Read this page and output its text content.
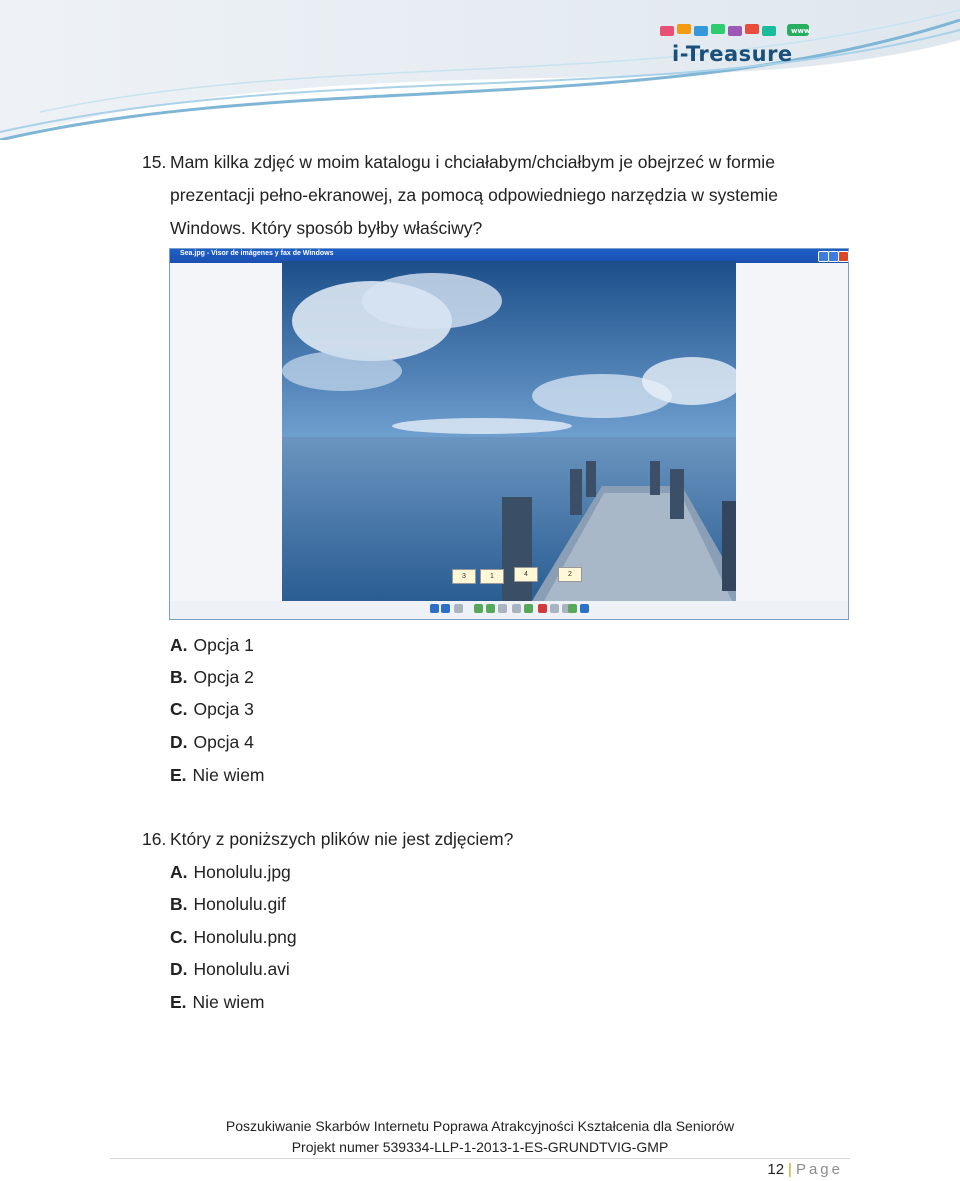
www
i-Treasure
15. Mam kilka zdjęć w moim katalogu i chciałabym/chciałbym je obejrzeć w formie
prezentacji pełno-ekranowej, za pomocą odpowiedniego narzędzia w systemie
Windows. Który sposób byłby właściwy?
Sea.jpg - Visor de imágenes y fax de Windows
3	1	4	2
A. Opcja 1
B. Opcja 2
C. Opcja 3
D. Opcja 4
E. Nie wiem
16. Który z poniższych plików nie jest zdjęciem?
A. Honolulu.jpg
B. Honolulu.gif
C. Honolulu.png
D. Honolulu.avi
E. Nie wiem
Poszukiwanie Skarbów Internetu Poprawa Atrakcyjności Kształcenia dla Seniorów
Projekt numer 539334-LLP-1-2013-1-ES-GRUNDTVIG-GMP
12 | Page
